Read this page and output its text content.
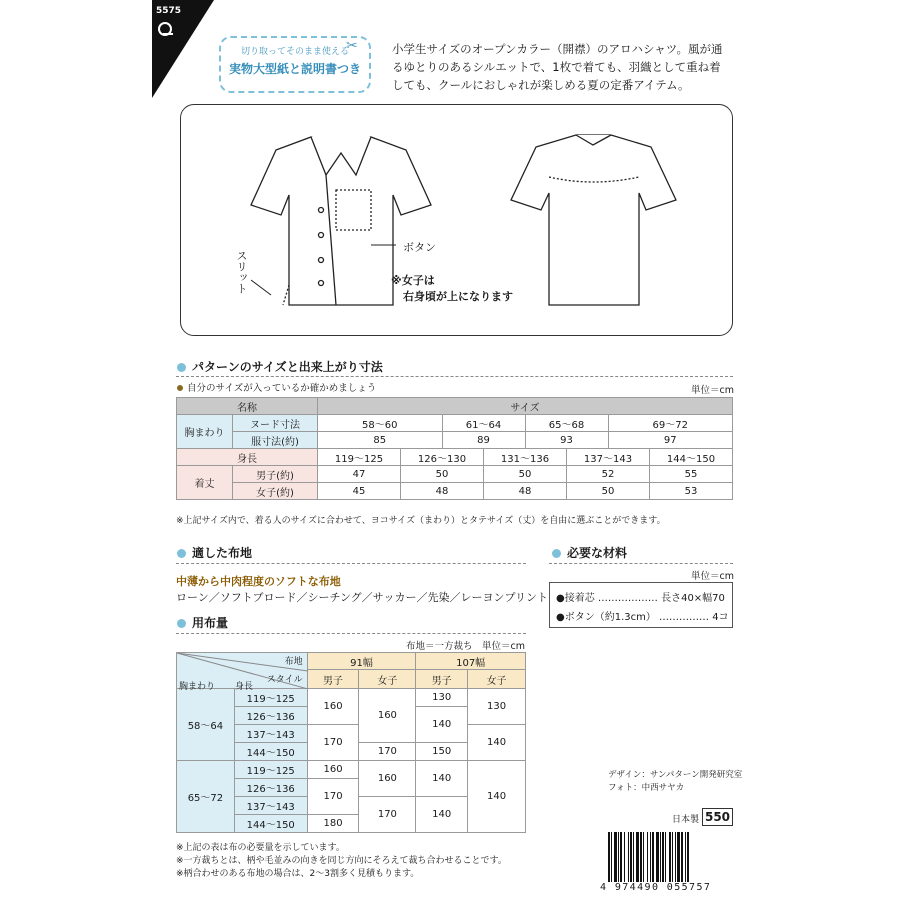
5575
切り取ってそのまま使える
実物大型紙と説明書つき
✂	小学生サイズのオープンカラー（開襟）のアロハシャツ。風が通るゆとりのあるシルエットで、1枚で着ても、羽織として重ね着しても、クールにおしゃれが楽しめる夏の定番アイテム。
ボタン
スリット	※女子は
右身頃が上になります
パターンのサイズと出来上がり寸法
自分のサイズが入っているか確かめましょう	単位＝cm
名称		サイズ							
胸まわり	ヌード寸法	58〜60		61〜64		65〜68		69〜72	
	服寸法(約)	85		89		93		97	
身長		119〜125	126〜130		131〜136		137〜143		144〜150
着丈	男子(約)	47	50		50		52		55
	女子(約)	45	48		48		50		53
※上記サイズ内で、着る人のサイズに合わせて、ヨコサイズ（まわり）とタテサイズ（丈）を自由に選ぶことができます。
適した布地
中薄から中肉程度のソフトな布地
ローン／ソフトブロード／シーチング／サッカー／先染／レーヨンプリント
必要な材料
単位＝cm
●接着芯 ……………… 長さ40×幅70
●ボタン（約1.3cm） …………… 4コ
用布量
布地＝一方裁ち　単位＝cm
布地
スタイル
胸まわり 身長		91幅		107幅	
		男子	女子	男子	女子
58〜64	119〜125	160	160	130	130
	126〜136			140	
	137〜143	170			140
	144〜150		170	150	
65〜72	119〜125	160	160	140	140
	126〜136	170			
	137〜143		170	140	
	144〜150	180			
※上記の表は布の必要量を示しています。
※一方裁ちとは、柄や毛並みの向きを同じ方向にそろえて裁ち合わせることです。
※柄合わせのある布地の場合は、2〜3割多く見積もります。
デザイン：サンパターン開発研究室
フォト：中西サヤカ
日本製 550
4 974490 055757
